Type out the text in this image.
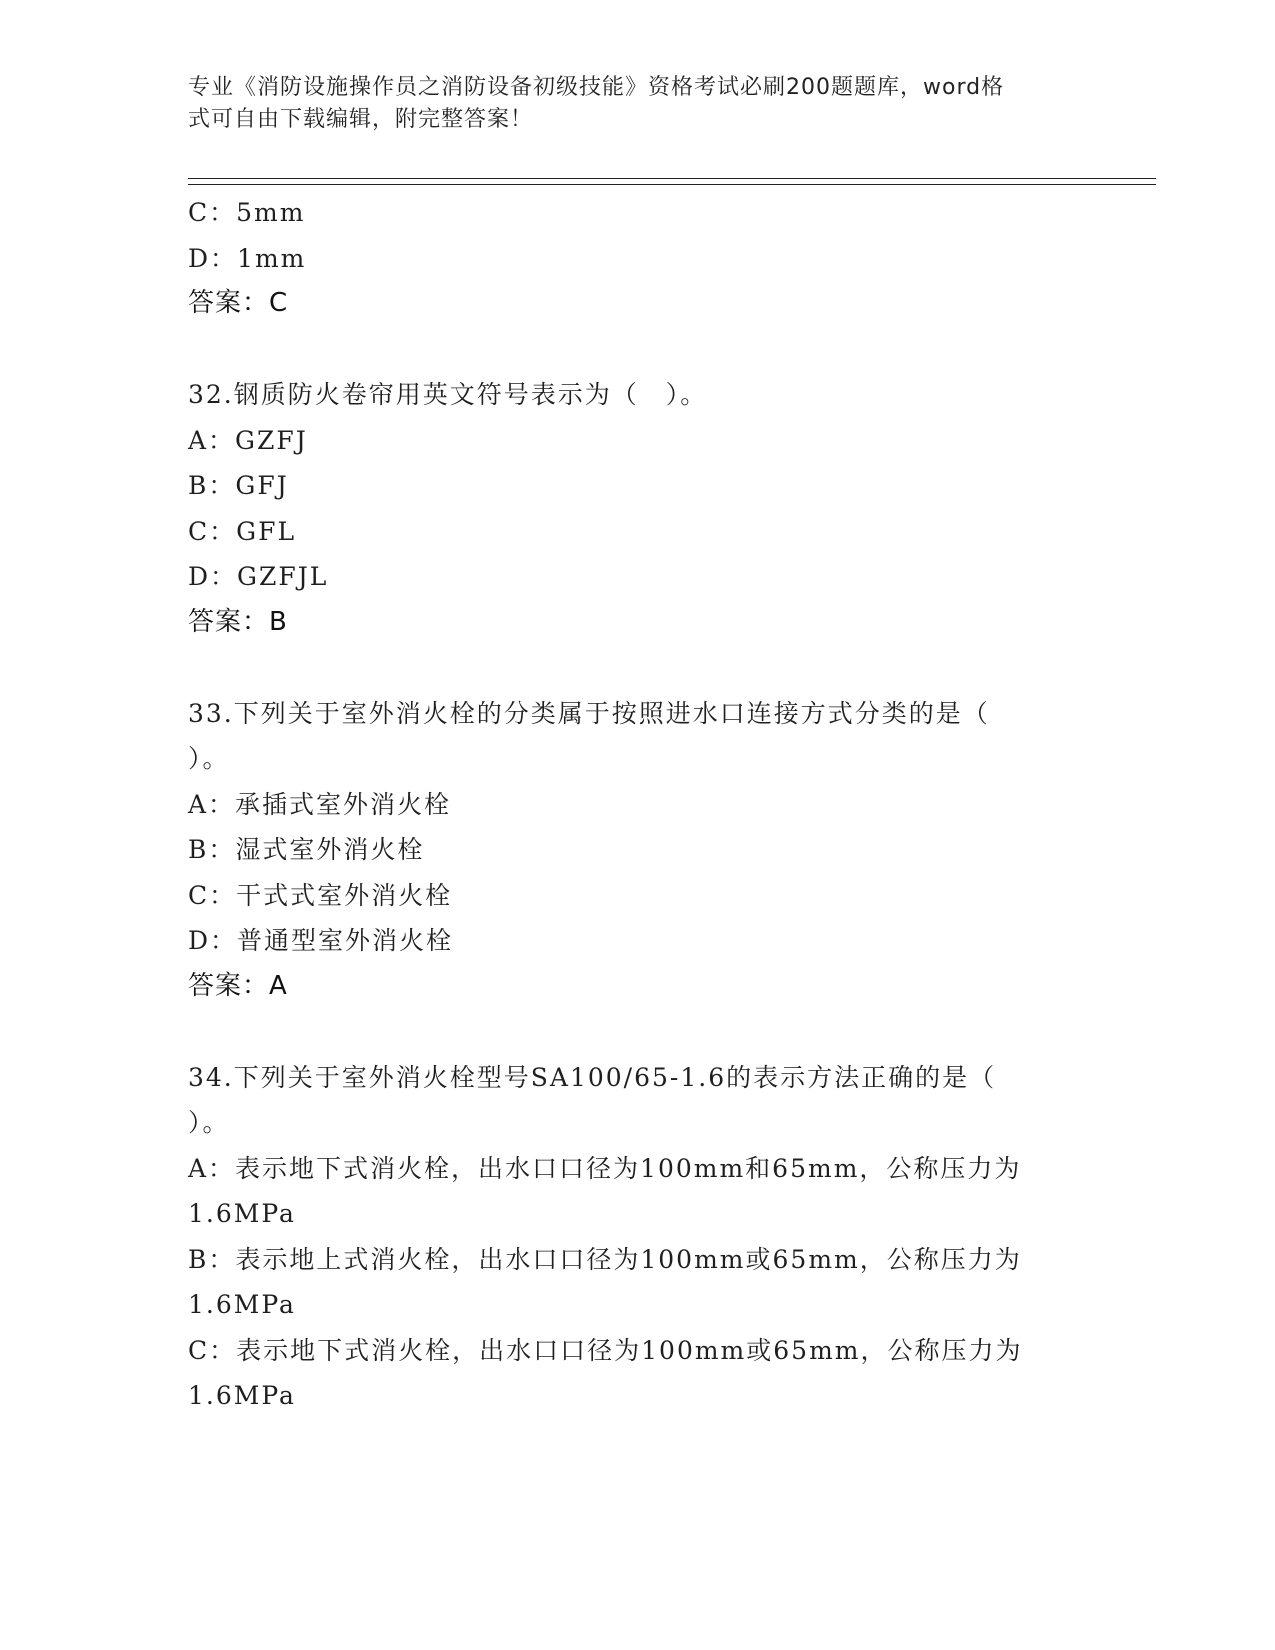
专业《消防设施操作员之消防设备初级技能》资格考试必刷200题题库，word格
式可自由下载编辑，附完整答案！
C：5mm
D：1mm
答案：C
32.钢质防火卷帘用英文符号表示为（　）。
A：GZFJ
B：GFJ
C：GFL
D：GZFJL
答案：B
33.下列关于室外消火栓的分类属于按照进水口连接方式分类的是（
）。
A：承插式室外消火栓
B：湿式室外消火栓
C：干式式室外消火栓
D：普通型室外消火栓
答案：A
34.下列关于室外消火栓型号SA100/65-1.6的表示方法正确的是（
）。
A：表示地下式消火栓，出水口口径为100mm和65mm，公称压力为
1.6MPa
B：表示地上式消火栓，出水口口径为100mm或65mm，公称压力为
1.6MPa
C：表示地下式消火栓，出水口口径为100mm或65mm，公称压力为
1.6MPa
